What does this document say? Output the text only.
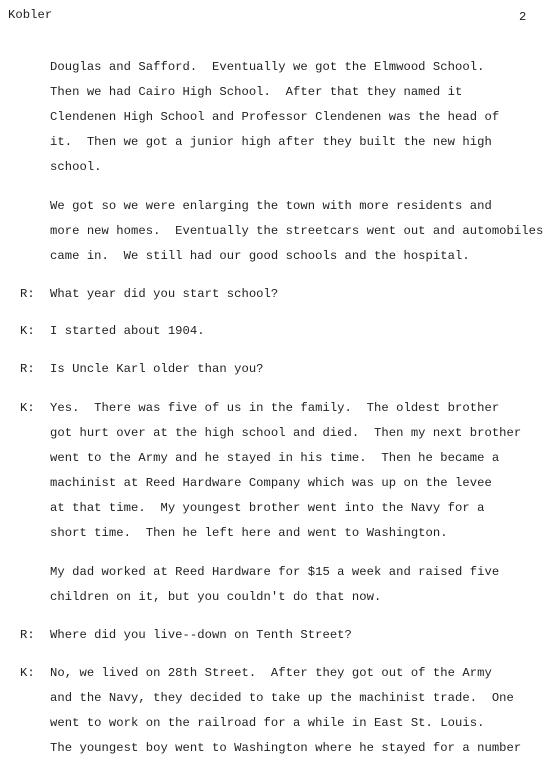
Kobler	2
Douglas and Safford.  Eventually we got the Elmwood School.
Then we had Cairo High School.  After that they named it
Clendenen High School and Professor Clendenen was the head of
it.  Then we got a junior high after they built the new high
school.
We got so we were enlarging the town with more residents and
more new homes.  Eventually the streetcars went out and automobiles
came in.  We still had our good schools and the hospital.
R: What year did you start school?
K: I started about 1904.
R: Is Uncle Karl older than you?
K: Yes.  There was five of us in the family.  The oldest brother
got hurt over at the high school and died.  Then my next brother
went to the Army and he stayed in his time.  Then he became a
machinist at Reed Hardware Company which was up on the levee
at that time.  My youngest brother went into the Navy for a
short time.  Then he left here and went to Washington.
My dad worked at Reed Hardware for $15 a week and raised five
children on it, but you couldn't do that now.
R: Where did you live--down on Tenth Street?
K: No, we lived on 28th Street.  After they got out of the Army
and the Navy, they decided to take up the machinist trade.  One
went to work on the railroad for a while in East St. Louis.
The youngest boy went to Washington where he stayed for a number
